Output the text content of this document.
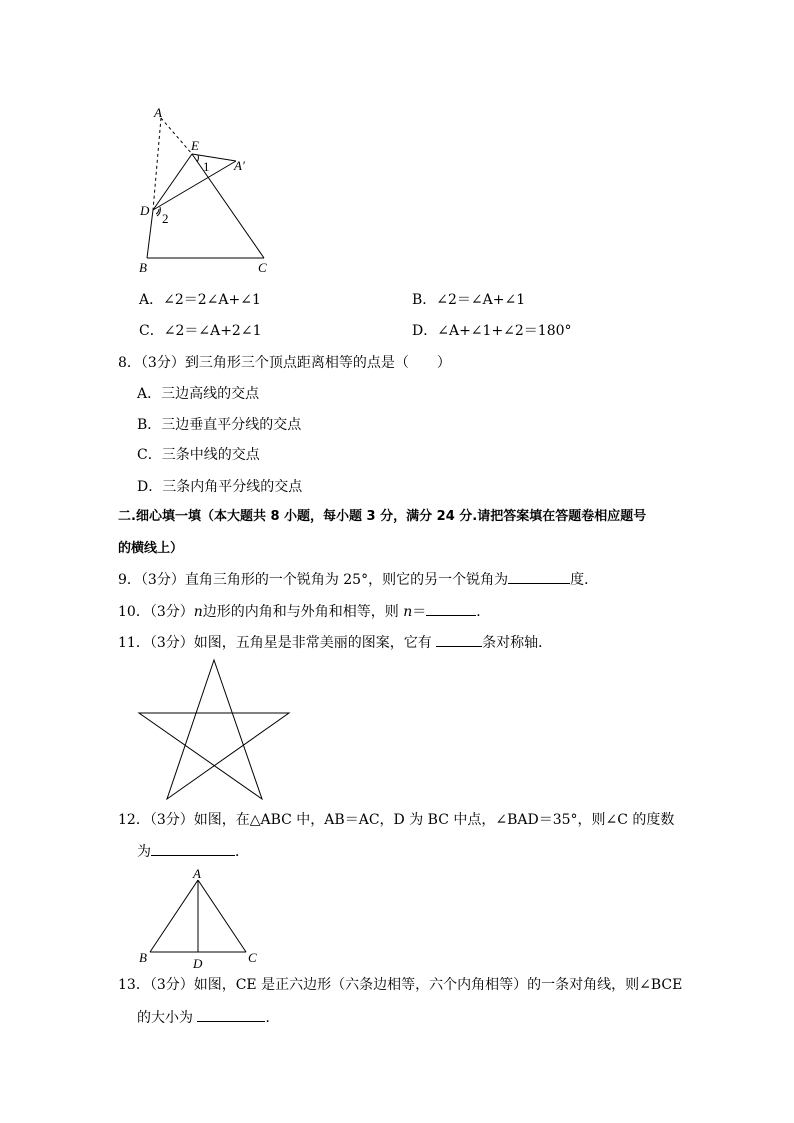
A
E
A′
1
D
2
B	C
A．∠2＝2∠A+∠1	B．∠2＝∠A+∠1
C．∠2＝∠A+2∠1	D．∠A+∠1+∠2＝180°
8．（3分）到三角形三个顶点距离相等的点是（　　）
A．三边高线的交点
B．三边垂直平分线的交点
C．三条中线的交点
D．三条内角平分线的交点
二.细心填一填（本大题共 8 小题，每小题 3 分，满分 24 分.请把答案填在答题卷相应题号
的横线上）
9．（3分）直角三角形的一个锐角为 25°，则它的另一个锐角为	度．
10．（3分）n边形的内角和与外角和相等，则 n＝	．
11．（3分）如图，五角星是非常美丽的图案，它有	条对称轴．
12．（3分）如图，在△ABC 中，AB＝AC，D 为 BC 中点，∠BAD＝35°，则∠C 的度数
为	．
A
B	D	C
13．（3分）如图，CE 是正六边形（六条边相等，六个内角相等）的一条对角线，则∠BCE
的大小为	．
